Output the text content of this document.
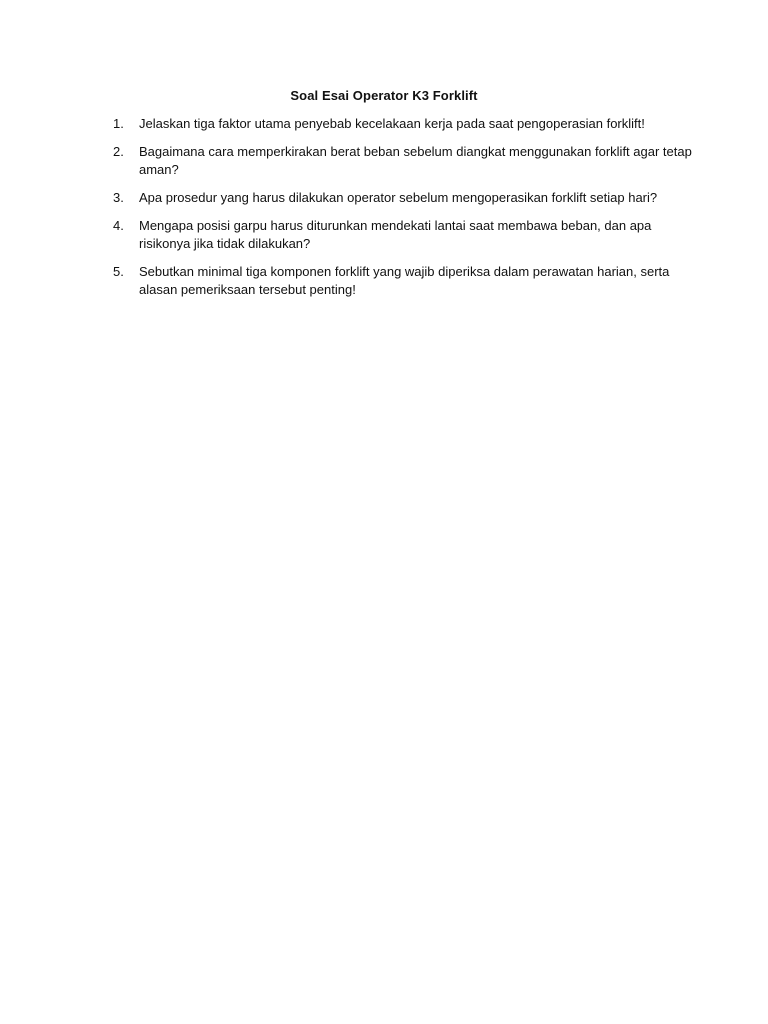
Soal Esai Operator K3 Forklift
1.	Jelaskan tiga faktor utama penyebab kecelakaan kerja pada saat pengoperasian forklift!
2.	Bagaimana cara memperkirakan berat beban sebelum diangkat menggunakan forklift agar tetap aman?
3.	Apa prosedur yang harus dilakukan operator sebelum mengoperasikan forklift setiap hari?
4.	Mengapa posisi garpu harus diturunkan mendekati lantai saat membawa beban, dan apa risikonya jika tidak dilakukan?
5.	Sebutkan minimal tiga komponen forklift yang wajib diperiksa dalam perawatan harian, serta alasan pemeriksaan tersebut penting!
